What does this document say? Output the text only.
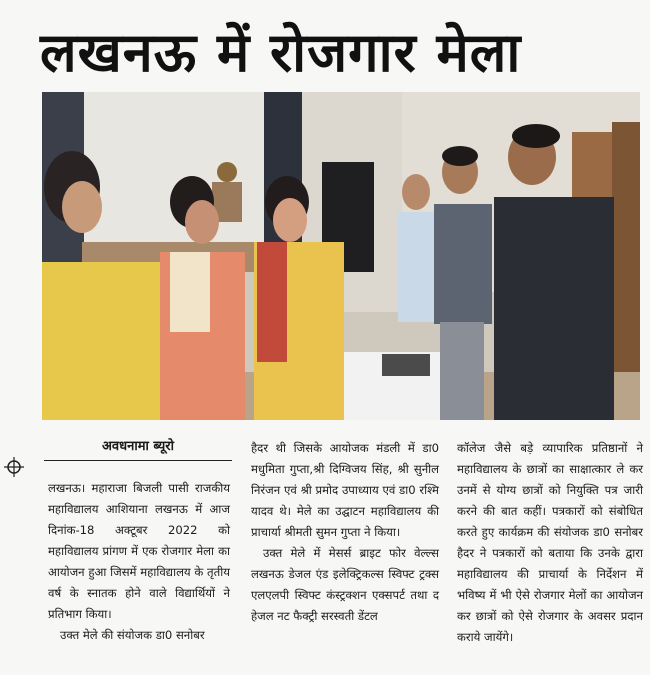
लखनऊ में रोजगार मेला
अवधनामा ब्यूरो

लखनऊ। महाराजा बिजली पासी राजकीय महाविद्यालय आशियाना लखनऊ में आज दिनांक-18 अक्टूबर 2022 को महाविद्यालय प्रांगण में एक रोजगार मेला का आयोजन हुआ जिसमें महाविद्यालय के तृतीय वर्ष के स्नातक होने वाले विद्यार्थियों ने प्रतिभाग किया।

उक्त मेले की संयोजक डा0 सनोबर

हैदर थी जिसके आयोजक मंडली में डा0 मधुमिता गुप्ता,श्री दिग्विजय सिंह, श्री सुनील निरंजन एवं श्री प्रमोद उपाध्याय एवं डा0 रश्मि यादव थे। मेले का उद्घाटन महाविद्यालय की प्राचार्या श्रीमती सुमन गुप्ता ने किया।

उक्त मेले में मेसर्स ब्राइट फोर वेल्ल्स लखनऊ डेजल एंड इलेक्ट्रिकल्स स्विफ्ट ट्रक्स एलएलपी स्विफ्ट कंस्ट्रक्शन एक्सपर्ट तथा द हेजल नट फैक्ट्री सरस्वती डेंटल

कॉलेज जैसे बड़े व्यापारिक प्रतिष्ठानों ने महाविद्यालय के छात्रों का साक्षात्कार ले कर उनमें से योग्य छात्रों को नियुक्ति पत्र जारी करने की बात कहीं। पत्रकारों को संबोधित करते हुए कार्यक्रम की संयोजक डा0 सनोबर हैदर ने पत्रकारों को बताया कि उनके द्वारा महाविद्यालय की प्राचार्या के निर्देशन में भविष्य में भी ऐसे रोजगार मेलों का आयोजन कर छात्रों को ऐसे रोजगार के अवसर प्रदान कराये जायेंगे।
